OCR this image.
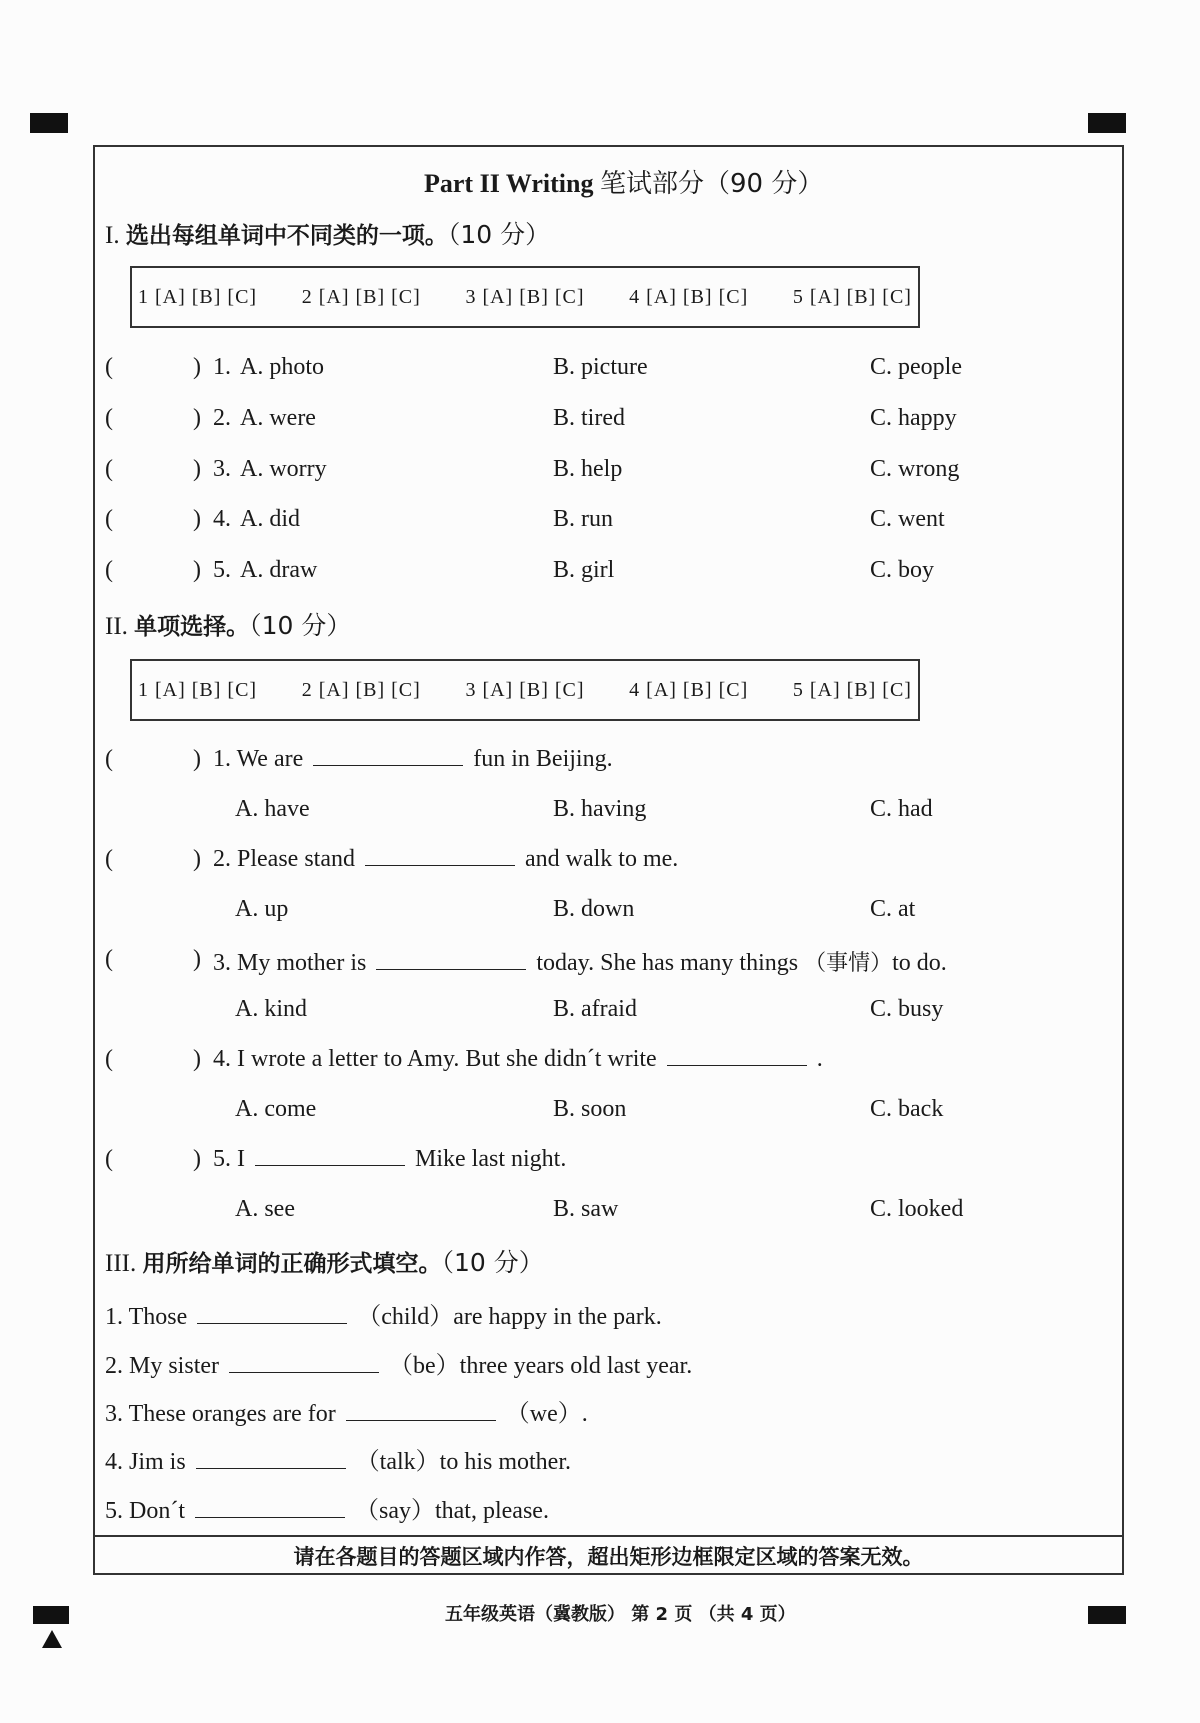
Part II Writing 笔试部分（90 分）
I. 选出每组单词中不同类的一项。（10 分）
1 [A] [B] [C] 2 [A] [B] [C] 3 [A] [B] [C] 4 [A] [B] [C] 5 [A] [B] [C]
(	) 1. A. photo	B. picture	C. people
(	) 2. A. were	B. tired	C. happy
(	) 3. A. worry	B. help	C. wrong
(	) 4. A. did	B. run	C. went
(	) 5. A. draw	B. girl	C. boy
II. 单项选择。（10 分）
1 [A] [B] [C] 2 [A] [B] [C] 3 [A] [B] [C] 4 [A] [B] [C] 5 [A] [B] [C]
(	) 1. We are	fun in Beijing.
A. have	B. having	C. had
(	) 2. Please stand	and walk to me.
A. up	B. down	C. at
(	) 3. My mother is	today. She has many things （事情）to do.
A. kind	B. afraid	C. busy
(	) 4. I wrote a letter to Amy. But she didn´t write	.
A. come	B. soon	C. back
(	) 5. I	Mike last night.
A. see	B. saw	C. looked
III. 用所给单词的正确形式填空。（10 分）
1. Those	（child）are happy in the park.
2. My sister	（be）three years old last year.
3. These oranges are for	（we）.
4. Jim is	（talk）to his mother.
5. Don´t	（say）that, please.
请在各题目的答题区域内作答，超出矩形边框限定区域的答案无效。
五年级英语（冀教版） 第 2 页 （共 4 页）
